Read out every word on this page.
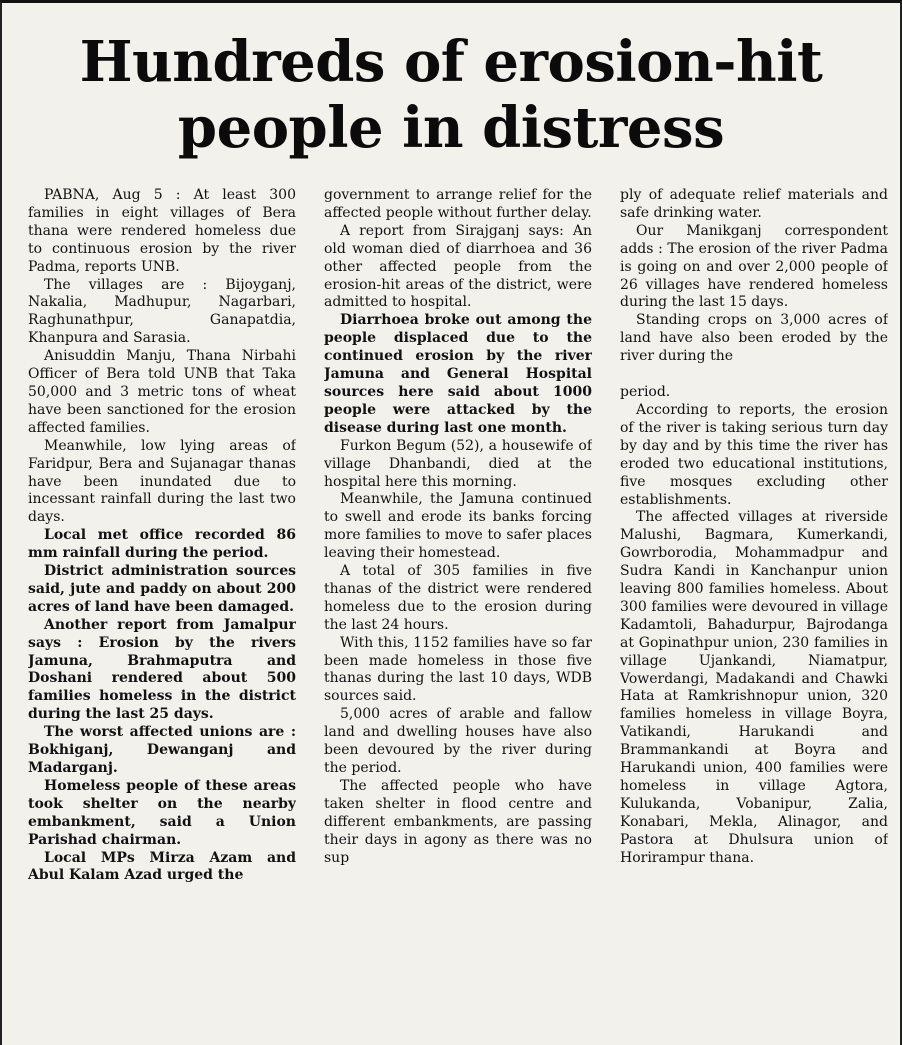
Hundreds of erosion-hit
people in distress

PABNA, Aug 5 : At least 300 families in eight villages of Bera thana were rendered homeless due to continuous erosion by the river Padma, reports UNB.

The villages are : Bijoyganj, Nakalia, Madhupur, Nagarbari, Raghunathpur, Ganapatdia, Khanpura and Sarasia.

Anisuddin Manju, Thana Nirbahi Officer of Bera told UNB that Taka 50,000 and 3 metric tons of wheat have been sanctioned for the erosion affected families.

Meanwhile, low lying areas of Faridpur, Bera and Sujanagar thanas have been inundated due to incessant rainfall during the last two days.

Local met office recorded 86 mm rainfall during the period.

District administration sources said, jute and paddy on about 200 acres of land have been damaged.

Another report from Jamalpur says : Erosion by the rivers Jamuna, Brahmaputra and Doshani rendered about 500 families homeless in the district during the last 25 days.

The worst affected unions are : Bokhiganj, Dewanganj and Madarganj.

Homeless people of these areas took shelter on the nearby embankment, said a Union Parishad chairman.

Local MPs Mirza Azam and Abul Kalam Azad urged the

government to arrange relief for the affected people without further delay.

A report from Sirajganj says: An old woman died of diarrhoea and 36 other affected people from the erosion-hit areas of the district, were admitted to hospital.

Diarrhoea broke out among the people displaced due to the continued erosion by the river Jamuna and General Hospital sources here said about 1000 people were attacked by the disease during last one month.

Furkon Begum (52), a housewife of village Dhanbandi, died at the hospital here this morning.

Meanwhile, the Jamuna continued to swell and erode its banks forcing more families to move to safer places leaving their homestead.

A total of 305 families in five thanas of the district were rendered homeless due to the erosion during the last 24 hours.

With this, 1152 families have so far been made homeless in those five thanas during the last 10 days, WDB sources said.

5,000 acres of arable and fallow land and dwelling houses have also been devoured by the river during the period.

The affected people who have taken shelter in flood centre and different embankments, are passing their days in agony as there was no sup

ply of adequate relief materials and safe drinking water.

Our Manikganj correspondent adds : The erosion of the river Padma is going on and over 2,000 people of 26 villages have rendered homeless during the last 15 days.

Standing crops on 3,000 acres of land have also been eroded by the river during the

period.

According to reports, the erosion of the river is taking serious turn day by day and by this time the river has eroded two educational institutions, five mosques excluding other establishments.

The affected villages at riverside Malushi, Bagmara, Kumerkandi, Gowrborodia, Mohammadpur and Sudra Kandi in Kanchanpur union leaving 800 families homeless. About 300 families were devoured in village Kadamtoli, Bahadurpur, Bajrodanga at Gopinathpur union, 230 families in village Ujankandi, Niamatpur, Vowerdangi, Madakandi and Chawki Hata at Ramkrishnopur union, 320 families homeless in village Boyra, Vatikandi, Harukandi and Brammankandi at Boyra and Harukandi union, 400 families were homeless in village Agtora, Kulukanda, Vobanipur, Zalia, Konabari, Mekla, Alinagor, and Pastora at Dhulsura union of Horirampur thana.
